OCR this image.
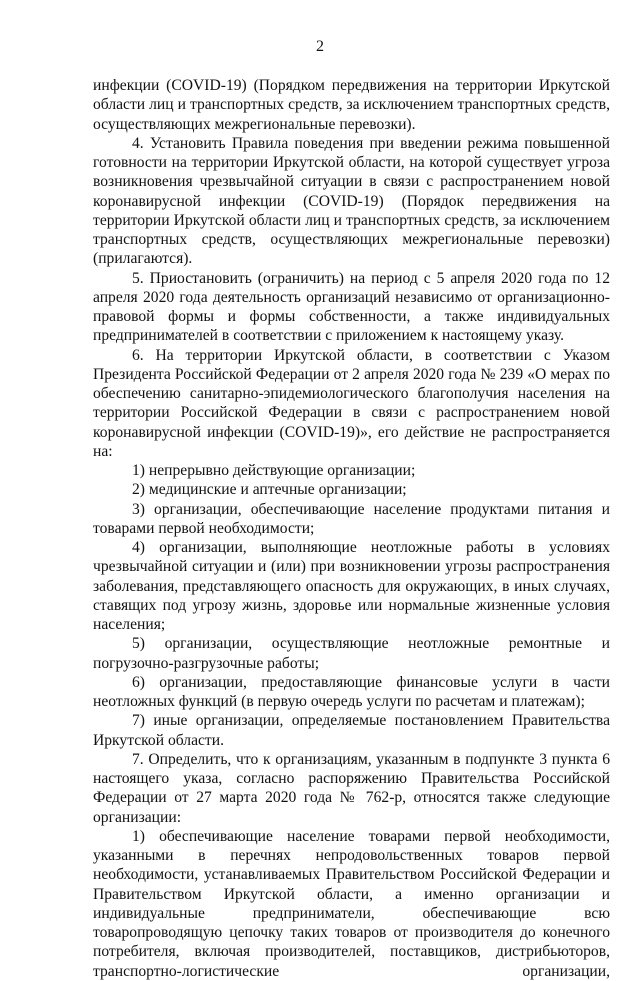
2

инфекции (COVID-19) (Порядком передвижения на территории Иркутской области лиц и транспортных средств, за исключением транспортных средств, осуществляющих межрегиональные перевозки).

4. Установить Правила поведения при введении режима повышенной готовности на территории Иркутской области, на которой существует угроза возникновения чрезвычайной ситуации в связи с распространением новой коронавирусной инфекции (COVID-19) (Порядок передвижения на территории Иркутской области лиц и транспортных средств, за исключением транспортных средств, осуществляющих межрегиональные перевозки) (прилагаются).

5. Приостановить (ограничить) на период с 5 апреля 2020 года по 12 апреля 2020 года деятельность организаций независимо от организационно-правовой формы и формы собственности, а также индивидуальных предпринимателей в соответствии с приложением к настоящему указу.

6. На территории Иркутской области, в соответствии с Указом Президента Российской Федерации от 2 апреля 2020 года № 239 «О мерах по обеспечению санитарно-эпидемиологического благополучия населения на территории Российской Федерации в связи с распространением новой коронавирусной инфекции (COVID-19)», его действие не распространяется на:

1) непрерывно действующие организации;

2) медицинские и аптечные организации;

3) организации, обеспечивающие население продуктами питания и товарами первой необходимости;

4) организации, выполняющие неотложные работы в условиях чрезвычайной ситуации и (или) при возникновении угрозы распространения заболевания, представляющего опасность для окружающих, в иных случаях, ставящих под угрозу жизнь, здоровье или нормальные жизненные условия населения;

5) организации, осуществляющие неотложные ремонтные и погрузочно-разгрузочные работы;

6) организации, предоставляющие финансовые услуги в части неотложных функций (в первую очередь услуги по расчетам и платежам);

7) иные организации, определяемые постановлением Правительства Иркутской области.

7. Определить, что к организациям, указанным в подпункте 3 пункта 6 настоящего указа, согласно распоряжению Правительства Российской Федерации от 27 марта 2020 года № 762-р, относятся также следующие организации:

1) обеспечивающие население товарами первой необходимости, указанными в перечнях непродовольственных товаров первой необходимости, устанавливаемых Правительством Российской Федерации и Правительством Иркутской области, а именно организации и индивидуальные предприниматели, обеспечивающие всю товаропроводящую цепочку таких товаров от производителя до конечного потребителя, включая производителей, поставщиков, дистрибьюторов, транспортно-логистические организации,
